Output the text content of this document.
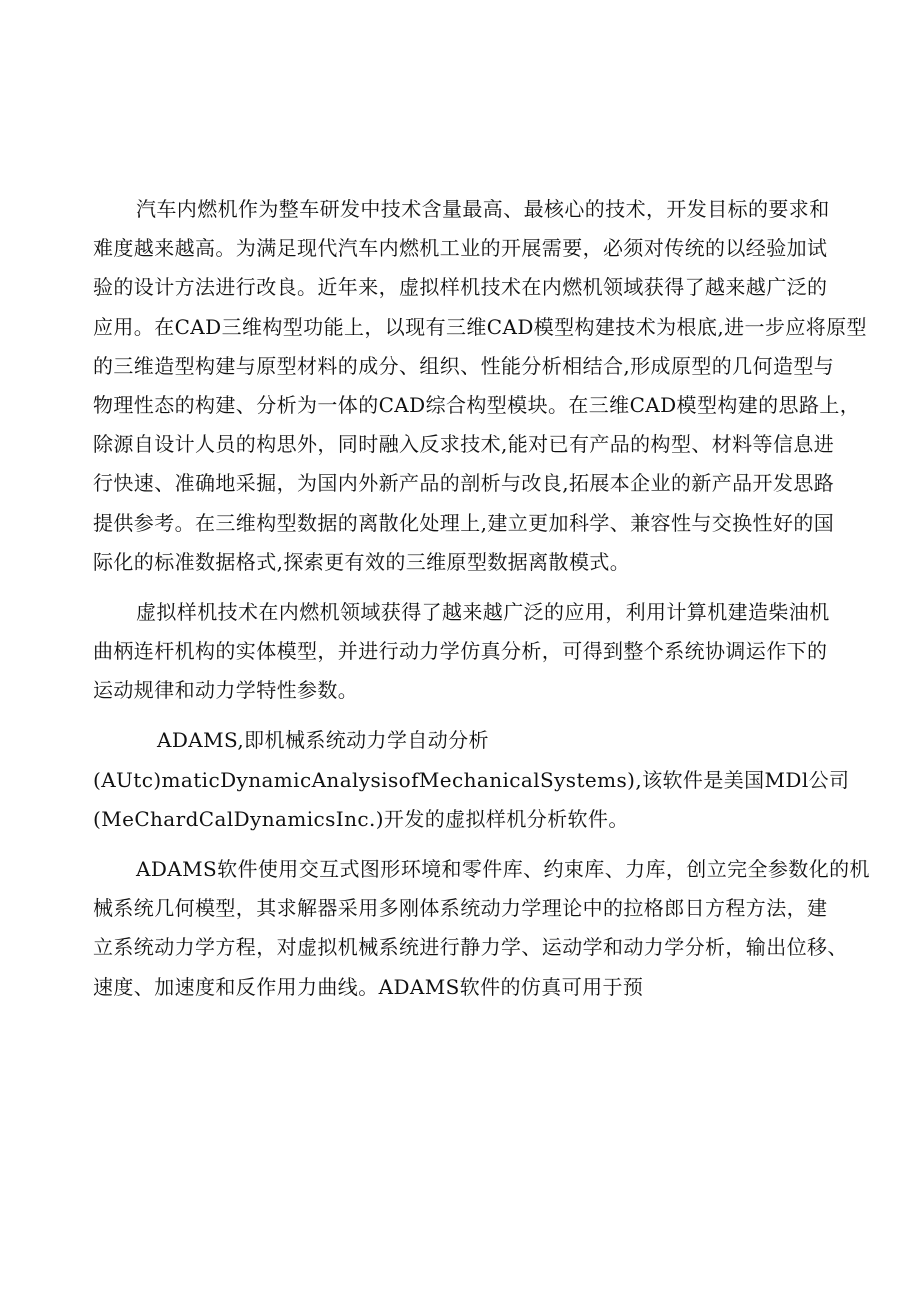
汽车内燃机作为整车研发中技术含量最高、最核心的技术，开发目标的要求和
难度越来越高。为满足现代汽车内燃机工业的开展需要，必须对传统的以经验加试
验的设计方法进行改良。近年来，虚拟样机技术在内燃机领域获得了越来越广泛的
应用。在CAD三维构型功能上，以现有三维CAD模型构建技术为根底,进一步应将原型
的三维造型构建与原型材料的成分、组织、性能分析相结合,形成原型的几何造型与
物理性态的构建、分析为一体的CAD综合构型模块。在三维CAD模型构建的思路上，
除源自设计人员的构思外，同时融入反求技术,能对已有产品的构型、材料等信息进
行快速、准确地采掘，为国内外新产品的剖析与改良,拓展本企业的新产品开发思路
提供参考。在三维构型数据的离散化处理上,建立更加科学、兼容性与交换性好的国
际化的标准数据格式,探索更有效的三维原型数据离散模式。
虚拟样机技术在内燃机领域获得了越来越广泛的应用，利用计算机建造柴油机
曲柄连杆机构的实体模型，并进行动力学仿真分析，可得到整个系统协调运作下的
运动规律和动力学特性参数。
ADAMS,即机械系统动力学自动分析
(AUtc)maticDynamicAnalysisofMechanicalSystems),该软件是美国MDl公司
(MeChardCalDynamicsInc.)开发的虚拟样机分析软件。
ADAMS软件使用交互式图形环境和零件库、约束库、力库，创立完全参数化的机
械系统几何模型，其求解器采用多刚体系统动力学理论中的拉格郎日方程方法，建
立系统动力学方程，对虚拟机械系统进行静力学、运动学和动力学分析，输出位移、
速度、加速度和反作用力曲线。ADAMS软件的仿真可用于预
